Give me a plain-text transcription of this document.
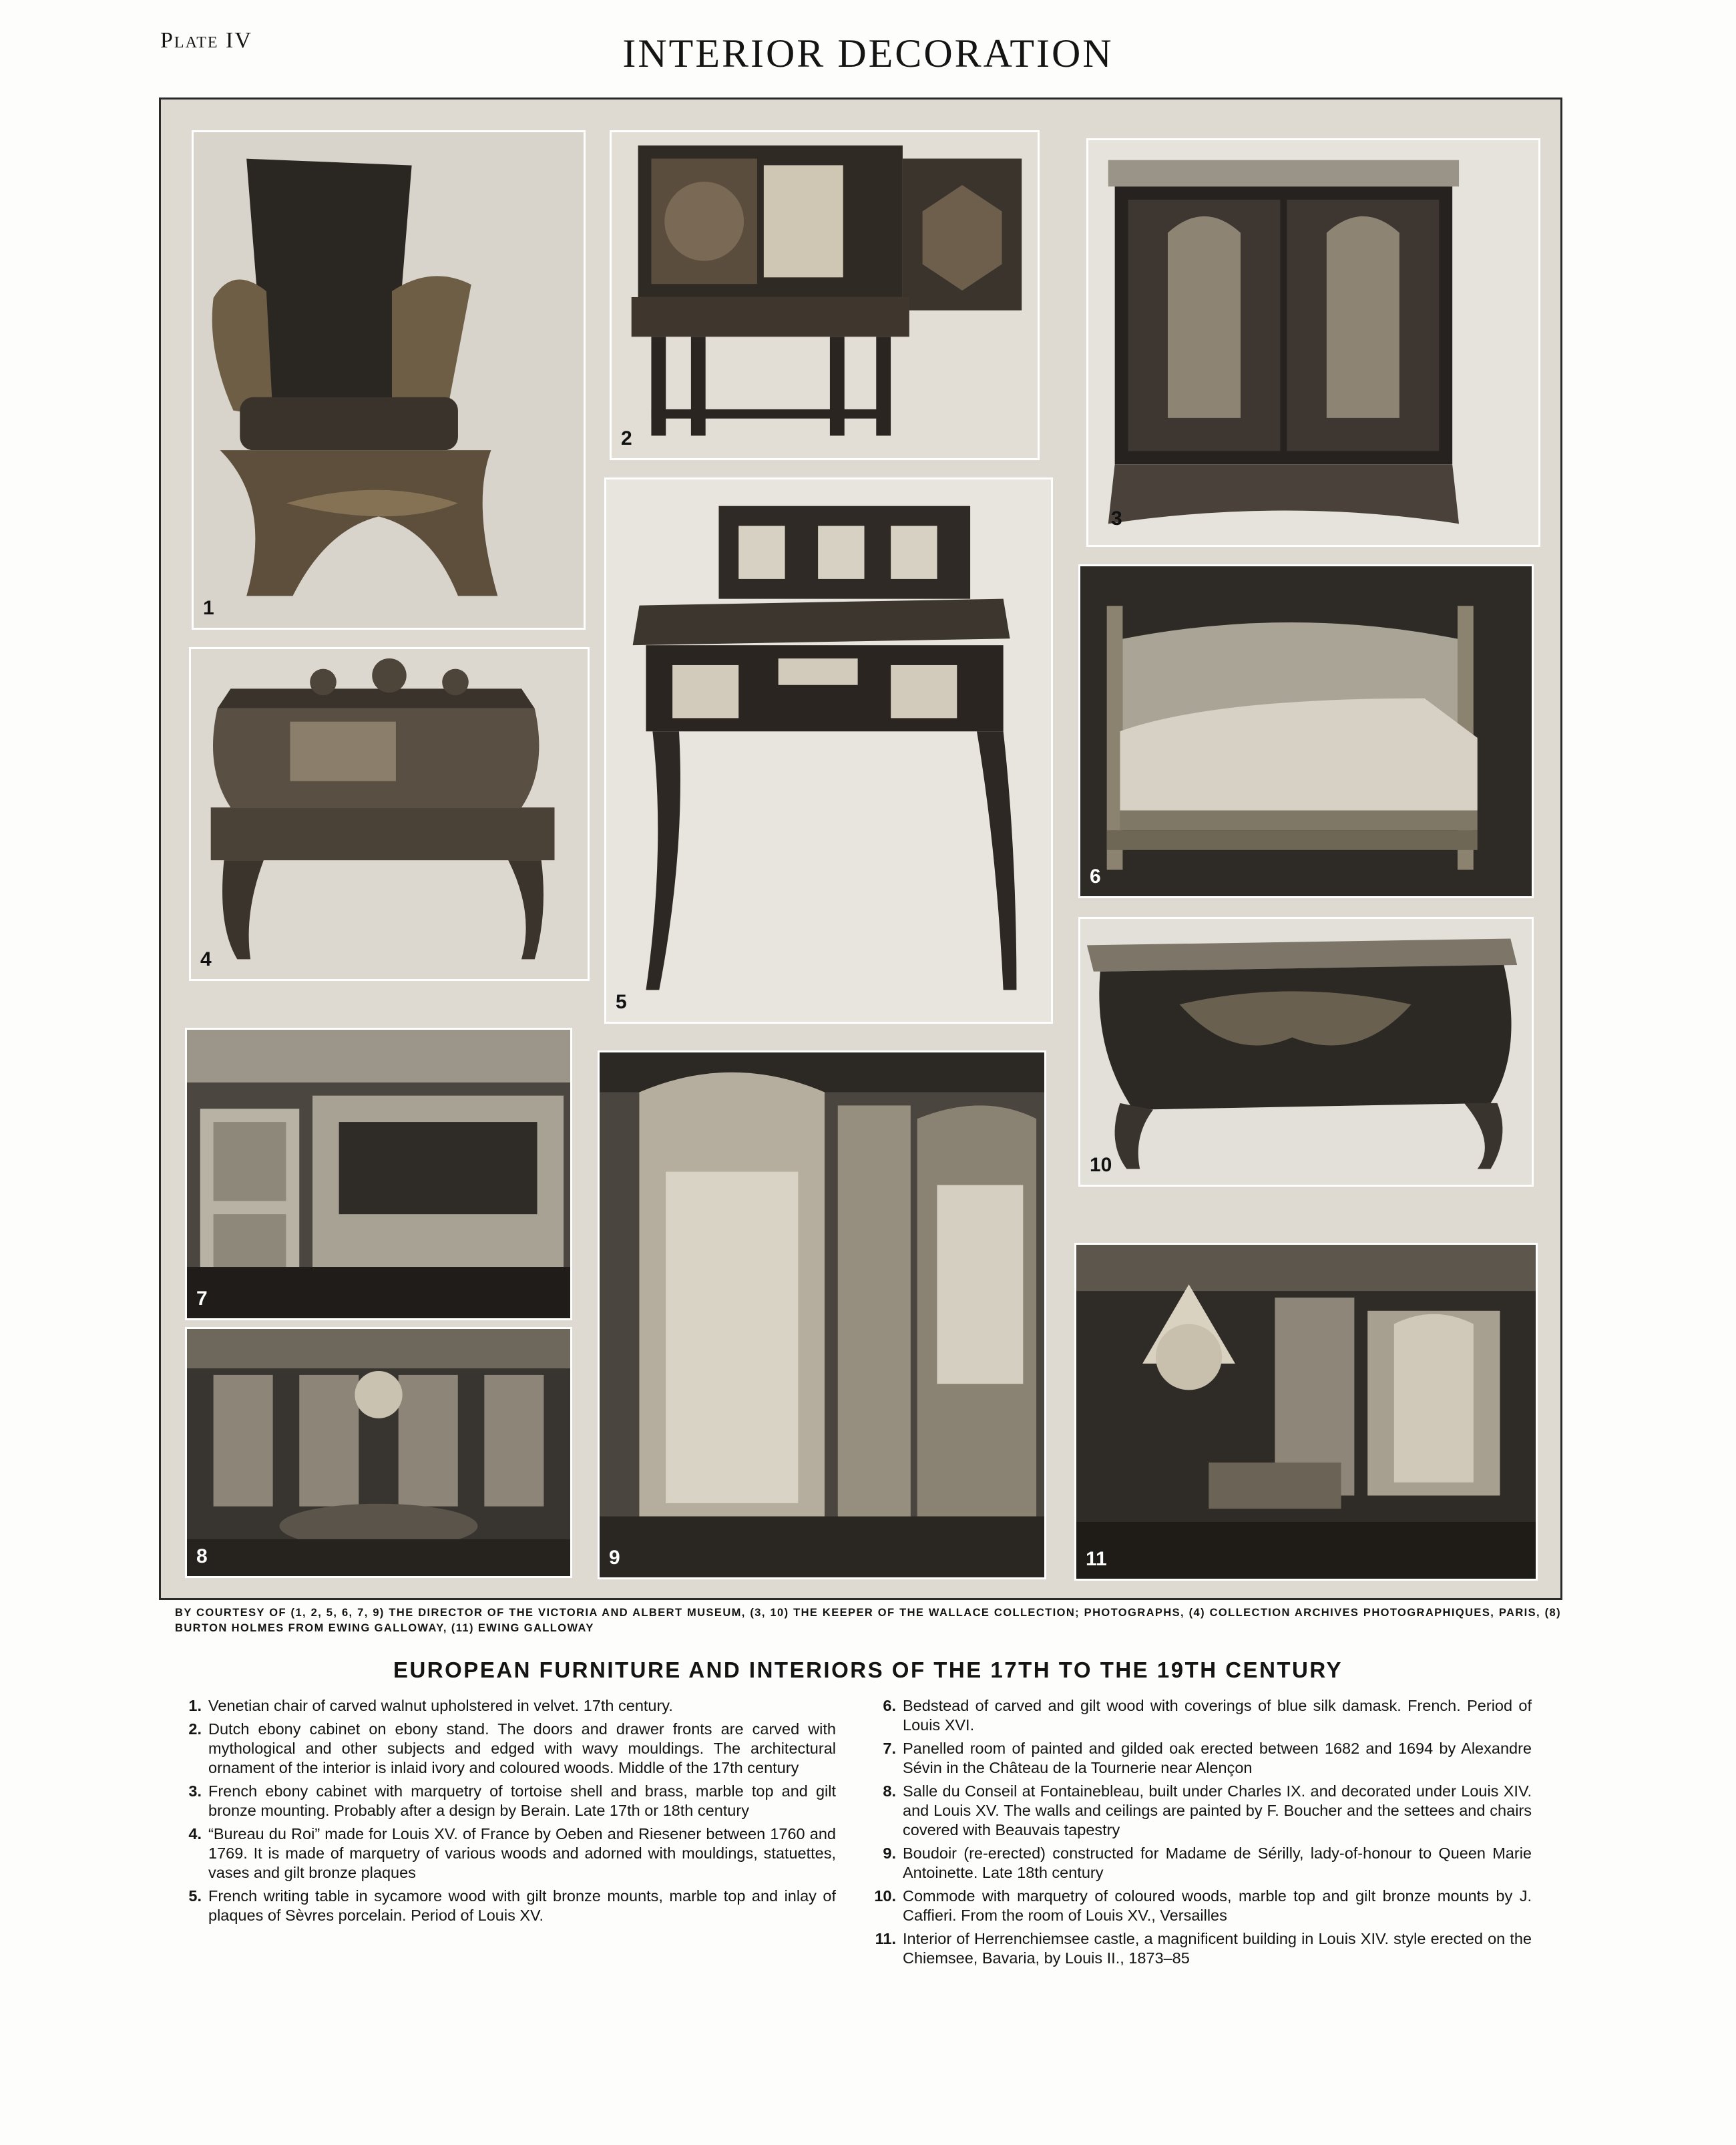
Plate IV	INTERIOR DECORATION
1
2
3
4
5
6
10
7
8	9	11
BY COURTESY OF (1, 2, 5, 6, 7, 9) THE DIRECTOR OF THE VICTORIA AND ALBERT MUSEUM, (3, 10) THE KEEPER OF THE WALLACE COLLECTION; PHOTOGRAPHS, (4) COLLECTION ARCHIVES PHOTOGRAPHIQUES, PARIS, (8) BURTON HOLMES FROM EWING GALLOWAY, (11) EWING GALLOWAY
EUROPEAN FURNITURE AND INTERIORS OF THE 17TH TO THE 19TH CENTURY
1. Venetian chair of carved walnut upholstered in velvet. 17th century.
2. Dutch ebony cabinet on ebony stand. The doors and drawer fronts are carved with mythological and other subjects and edged with wavy mouldings. The architectural ornament of the interior is inlaid ivory and coloured woods. Middle of the 17th century
3. French ebony cabinet with marquetry of tortoise shell and brass, marble top and gilt bronze mounting. Probably after a design by Berain. Late 17th or 18th century
4. “Bureau du Roi” made for Louis XV. of France by Oeben and Riesener between 1760 and 1769. It is made of marquetry of various woods and adorned with mouldings, statuettes, vases and gilt bronze plaques
5. French writing table in sycamore wood with gilt bronze mounts, marble top and inlay of plaques of Sèvres porcelain. Period of Louis XV.
6. Bedstead of carved and gilt wood with coverings of blue silk damask. French. Period of Louis XVI.
7. Panelled room of painted and gilded oak erected between 1682 and 1694 by Alexandre Sévin in the Château de la Tournerie near Alençon
8. Salle du Conseil at Fontainebleau, built under Charles IX. and decorated under Louis XIV. and Louis XV. The walls and ceilings are painted by F. Boucher and the settees and chairs covered with Beauvais tapestry
9. Boudoir (re-erected) constructed for Madame de Sérilly, lady-of-honour to Queen Marie Antoinette. Late 18th century
10. Commode with marquetry of coloured woods, marble top and gilt bronze mounts by J. Caffieri. From the room of Louis XV., Versailles
11. Interior of Herrenchiemsee castle, a magnificent building in Louis XIV. style erected on the Chiemsee, Bavaria, by Louis II., 1873–85
